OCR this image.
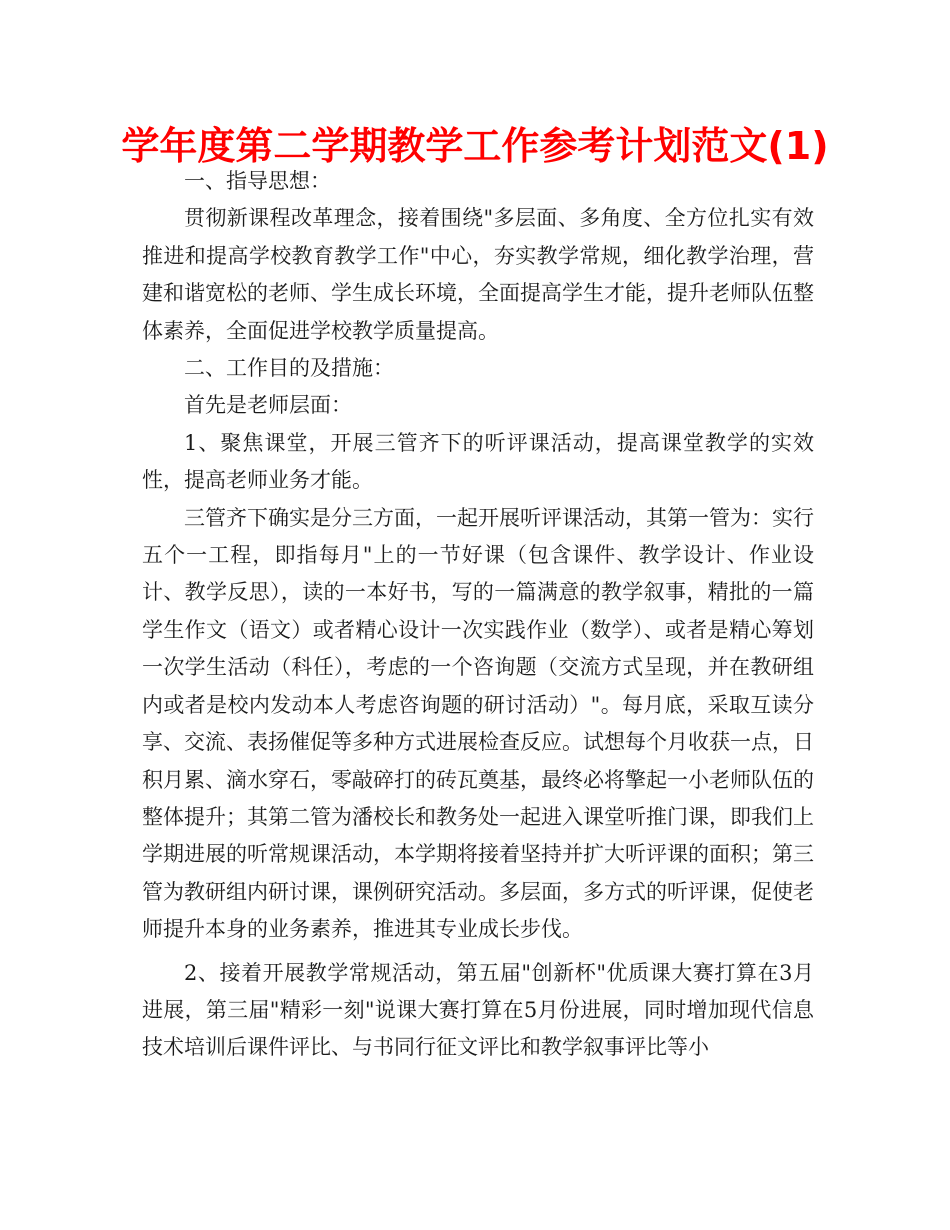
学年度第二学期教学工作参考计划范文(1)

一、指导思想：

贯彻新课程改革理念，接着围绕"多层面、多角度、全方位扎实有效推进和提高学校教育教学工作"中心，夯实教学常规，细化教学治理，营建和谐宽松的老师、学生成长环境，全面提高学生才能，提升老师队伍整体素养，全面促进学校教学质量提高。

二、工作目的及措施：

首先是老师层面：

1、聚焦课堂，开展三管齐下的听评课活动，提高课堂教学的实效性，提高老师业务才能。

三管齐下确实是分三方面，一起开展听评课活动，其第一管为：实行五个一工程，即指每月"上的一节好课（包含课件、教学设计、作业设计、教学反思），读的一本好书，写的一篇满意的教学叙事，精批的一篇学生作文（语文）或者精心设计一次实践作业（数学）、或者是精心筹划一次学生活动（科任），考虑的一个咨询题（交流方式呈现，并在教研组内或者是校内发动本人考虑咨询题的研讨活动）"。每月底，采取互读分享、交流、表扬催促等多种方式进展检查反应。试想每个月收获一点，日积月累、滴水穿石，零敲碎打的砖瓦奠基，最终必将擎起一小老师队伍的整体提升；其第二管为潘校长和教务处一起进入课堂听推门课，即我们上学期进展的听常规课活动，本学期将接着坚持并扩大听评课的面积；第三管为教研组内研讨课，课例研究活动。多层面，多方式的听评课，促使老师提升本身的业务素养，推进其专业成长步伐。

2、接着开展教学常规活动，第五届"创新杯"优质课大赛打算在3月进展，第三届"精彩一刻"说课大赛打算在5月份进展，同时增加现代信息技术培训后课件评比、与书同行征文评比和教学叙事评比等小
